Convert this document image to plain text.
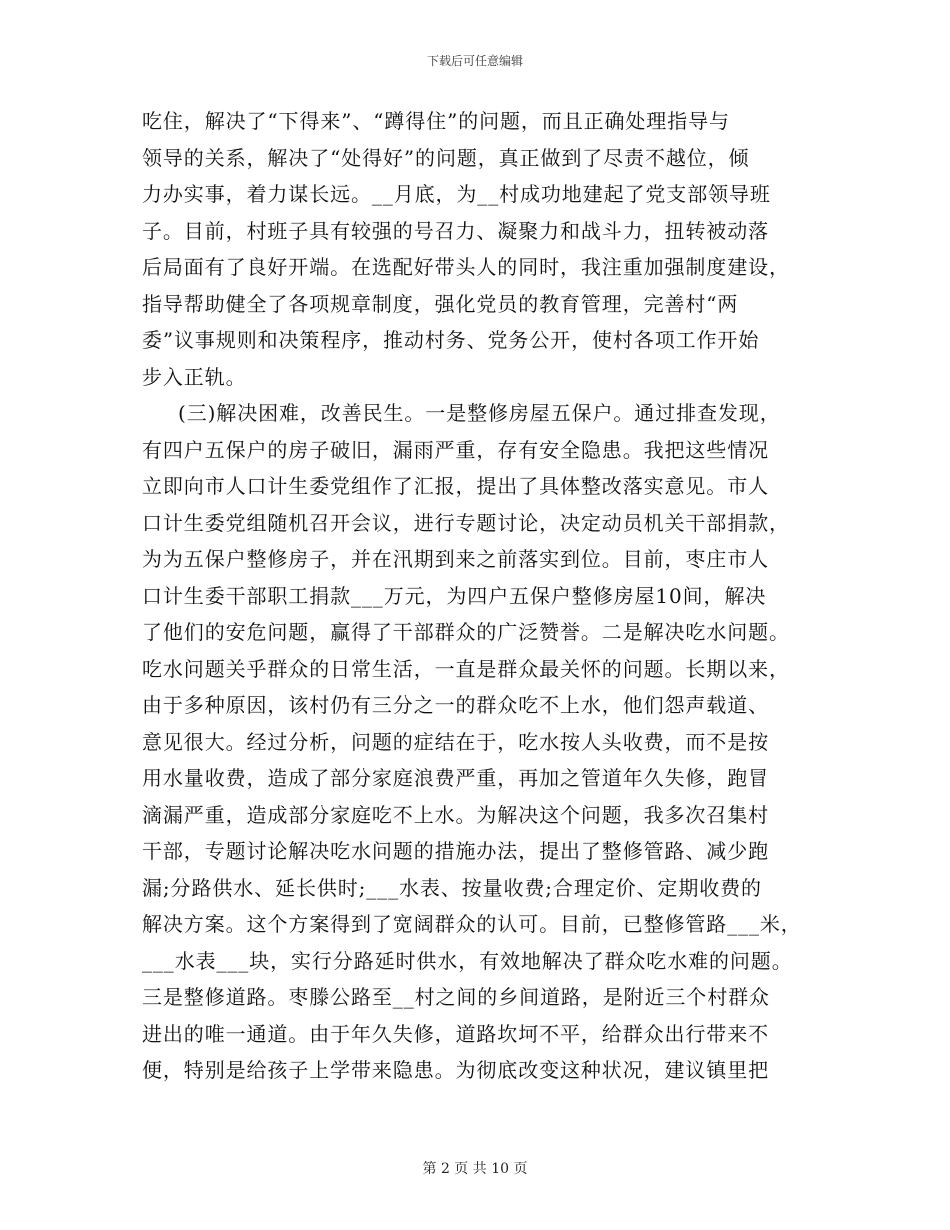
下载后可任意编辑
吃住，解决了“下得来”、“蹲得住”的问题，而且正确处理指导与
领导的关系，解决了“处得好”的问题，真正做到了尽责不越位，倾
力办实事，着力谋长远。__月底，为__村成功地建起了党支部领导班
子。目前，村班子具有较强的号召力、凝聚力和战斗力，扭转被动落
后局面有了良好开端。在选配好带头人的同时，我注重加强制度建设，
指导帮助健全了各项规章制度，强化党员的教育管理，完善村“两
委”议事规则和决策程序，推动村务、党务公开，使村各项工作开始
步入正轨。
(三)解决困难，改善民生。一是整修房屋五保户。通过排查发现，
有四户五保户的房子破旧，漏雨严重，存有安全隐患。我把这些情况
立即向市人口计生委党组作了汇报，提出了具体整改落实意见。市人
口计生委党组随机召开会议，进行专题讨论，决定动员机关干部捐款，
为为五保户整修房子，并在汛期到来之前落实到位。目前，枣庄市人
口计生委干部职工捐款___万元，为四户五保户整修房屋10间，解决
了他们的安危问题，赢得了干部群众的广泛赞誉。二是解决吃水问题。
吃水问题关乎群众的日常生活，一直是群众最关怀的问题。长期以来，
由于多种原因，该村仍有三分之一的群众吃不上水，他们怨声载道、
意见很大。经过分析，问题的症结在于，吃水按人头收费，而不是按
用水量收费，造成了部分家庭浪费严重，再加之管道年久失修，跑冒
滴漏严重，造成部分家庭吃不上水。为解决这个问题，我多次召集村
干部，专题讨论解决吃水问题的措施办法，提出了整修管路、减少跑
漏;分路供水、延长供时;___水表、按量收费;合理定价、定期收费的
解决方案。这个方案得到了宽阔群众的认可。目前，已整修管路___米，
___水表___块，实行分路延时供水，有效地解决了群众吃水难的问题。
三是整修道路。枣滕公路至__村之间的乡间道路，是附近三个村群众
进出的唯一通道。由于年久失修，道路坎坷不平，给群众出行带来不
便，特别是给孩子上学带来隐患。为彻底改变这种状况，建议镇里把
第 2 页 共 10 页
